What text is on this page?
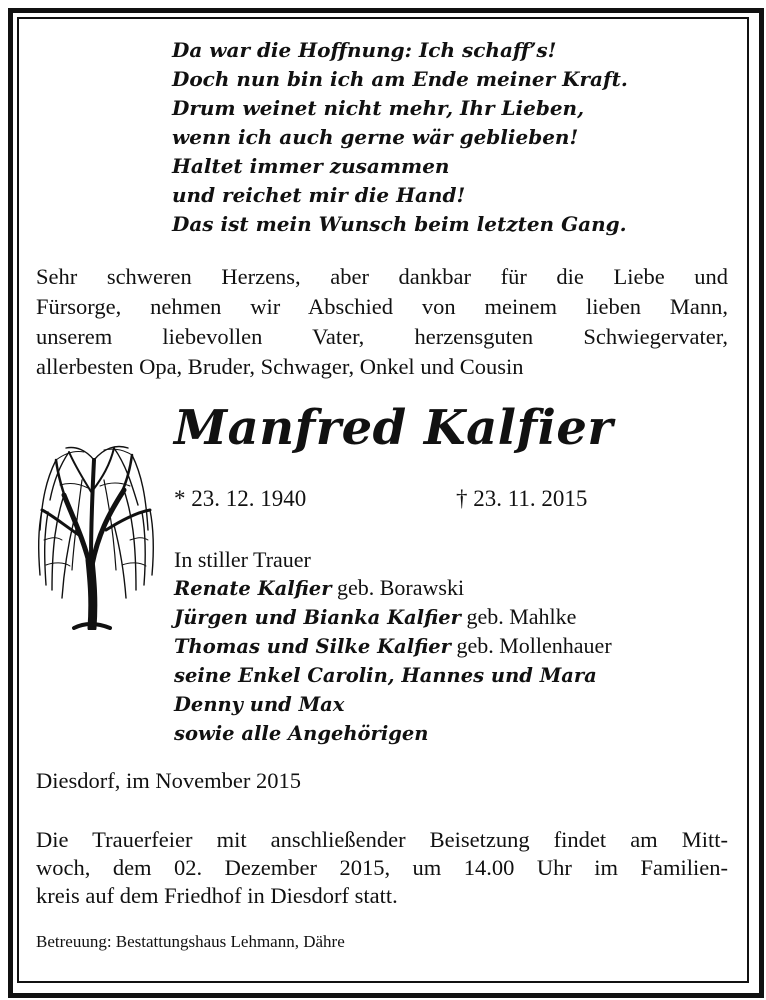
Da war die Hoffnung: Ich schaff’s!
Doch nun bin ich am Ende meiner Kraft.
Drum weinet nicht mehr, Ihr Lieben,
wenn ich auch gerne wär geblieben!
Haltet immer zusammen
und reichet mir die Hand!
Das ist mein Wunsch beim letzten Gang.
Sehr schweren Herzens, aber dankbar für die Liebe und
Fürsorge, nehmen wir Abschied von meinem lieben Mann,
unserem liebevollen Vater, herzensguten Schwiegervater,
allerbesten Opa, Bruder, Schwager, Onkel und Cousin
Manfred Kalfier
* 23. 12. 1940	† 23. 11. 2015
In stiller Trauer
Renate Kalfier geb. Borawski
Jürgen und Bianka Kalfier geb. Mahlke
Thomas und Silke Kalfier geb. Mollenhauer
seine Enkel Carolin, Hannes und Mara
Denny und Max
sowie alle Angehörigen
Diesdorf, im November 2015
Die Trauerfeier mit anschließender Beisetzung findet am Mitt-
woch, dem 02. Dezember 2015, um 14.00 Uhr im Familien-
kreis auf dem Friedhof in Diesdorf statt.
Betreuung: Bestattungshaus Lehmann, Dähre
